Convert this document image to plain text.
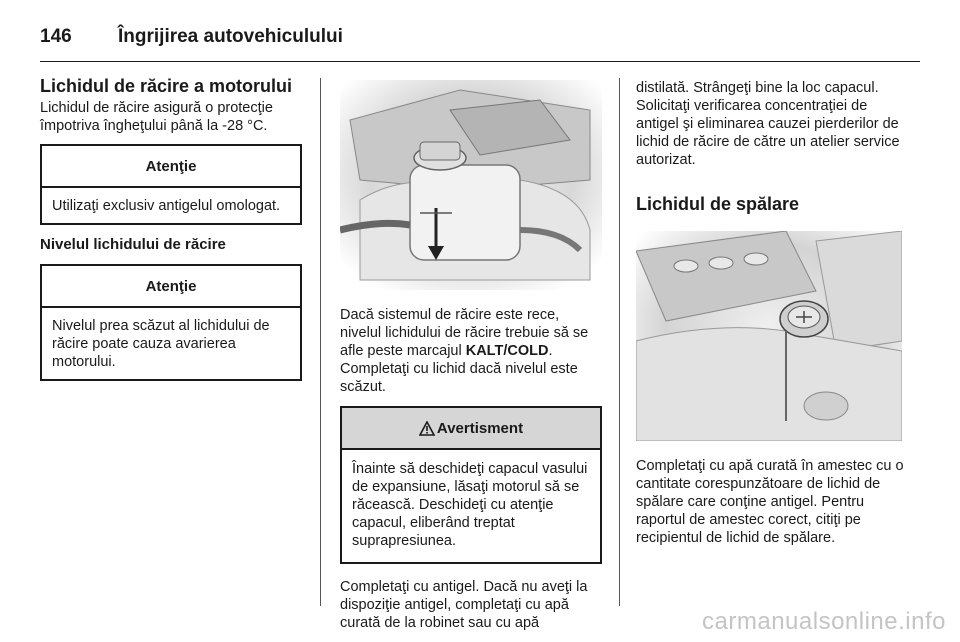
146	Îngrijirea autovehiculului
Lichidul de răcire a motorului

Lichidul de răcire asigură o protecţie împotriva îngheţului până la -28 °C.

Atenţie
Utilizaţi exclusiv antigelul omologat.
Nivelul lichidului de răcire
Atenţie
Nivelul prea scăzut al lichidului de răcire poate cauza avarierea motorului.

Dacă sistemul de răcire este rece, nivelul lichidului de răcire trebuie să se afle peste marcajul KALT/COLD. Completaţi cu lichid dacă nivelul este scăzut.

Avertisment
Înainte să deschideţi capacul vasului de expansiune, lăsaţi motorul să se răcească. Deschideţi cu atenţie capacul, eliberând treptat suprapresiunea.

Completaţi cu antigel. Dacă nu aveţi la dispoziţie antigel, completaţi cu apă curată de la robinet sau cu apă

distilată. Strângeţi bine la loc capacul. Solicitaţi verificarea concentraţiei de antigel şi eliminarea cauzei pierderilor de lichid de răcire de către un atelier service autorizat.

Lichidul de spălare

Completaţi cu apă curată în amestec cu o cantitate corespunzătoare de lichid de spălare care conţine antigel. Pentru raportul de amestec corect, citiţi pe recipientul de lichid de spălare.

carmanualsonline.info
